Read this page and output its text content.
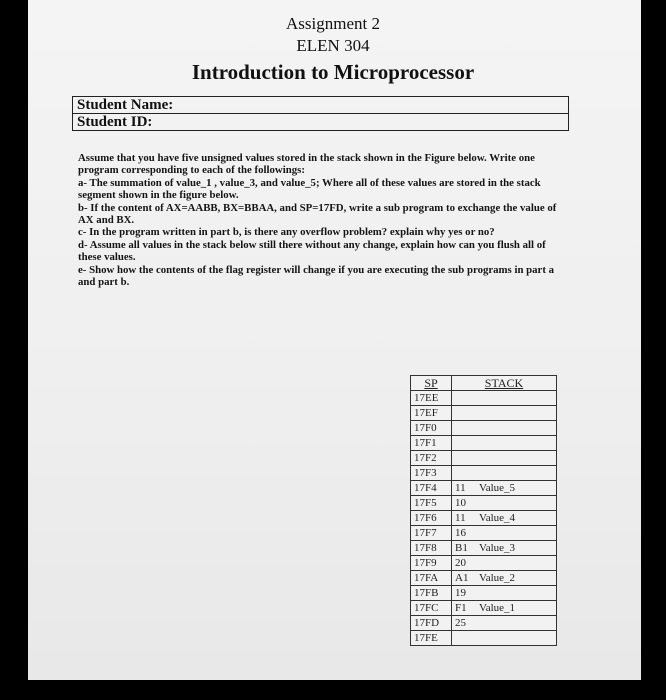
Assignment 2
ELEN 304
Introduction to Microprocessor
Student Name:
Student ID:

Assume that you have five unsigned values stored in the stack shown in the Figure below. Write one program corresponding to each of the followings:

a- The summation of value_1 , value_3, and value_5; Where all of these values are stored in the stack segment shown in the figure below.

b- If the content of AX=AABB, BX=BBAA, and SP=17FD, write a sub program to exchange the value of AX and BX.

c- In the program written in part b, is there any overflow problem? explain why yes or no?

d- Assume all values in the stack below still there without any change, explain how can you flush all of these values.

e- Show how the contents of the flag register will change if you are executing the sub programs in part a and part b.

SP	STACK	
17EE		
17EF		
17F0		
17F1		
17F2		
17F3		
17F4	11	Value_5
17F5	10	
17F6	11	Value_4
17F7	16	
17F8	B1	Value_3
17F9	20	
17FA	A1	Value_2
17FB	19	
17FC	F1	Value_1
17FD	25	
17FE		
